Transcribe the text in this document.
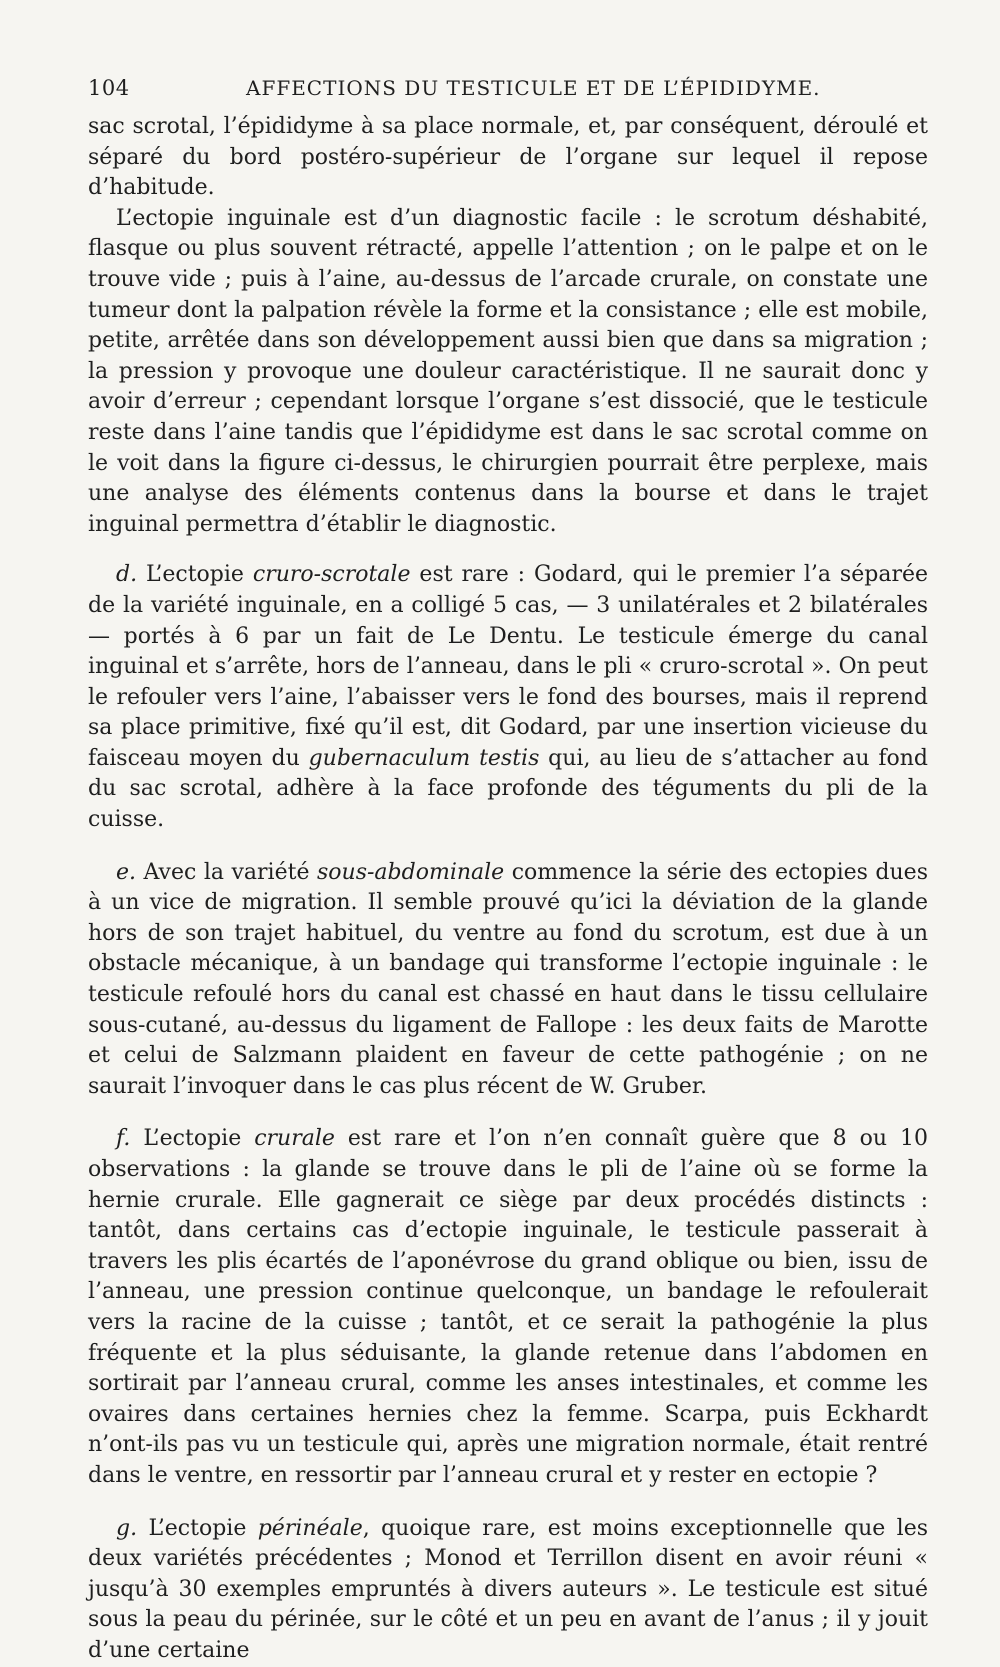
104	AFFECTIONS DU TESTICULE ET DE L’ÉPIDIDYME.

sac scrotal, l’épididyme à sa place normale, et, par conséquent, déroulé et séparé du bord postéro-supérieur de l’organe sur lequel il repose d’habitude.

L’ectopie inguinale est d’un diagnostic facile : le scrotum déshabité, flasque ou plus souvent rétracté, appelle l’attention ; on le palpe et on le trouve vide ; puis à l’aine, au-dessus de l’arcade crurale, on constate une tumeur dont la palpation révèle la forme et la consistance ; elle est mobile, petite, arrêtée dans son développement aussi bien que dans sa migration ; la pression y provoque une douleur caractéristique. Il ne saurait donc y avoir d’erreur ; cependant lorsque l’organe s’est dissocié, que le testicule reste dans l’aine tandis que l’épididyme est dans le sac scrotal comme on le voit dans la figure ci-dessus, le chirurgien pourrait être perplexe, mais une analyse des éléments contenus dans la bourse et dans le trajet inguinal permettra d’établir le diagnostic.

d. L’ectopie cruro-scrotale est rare : Godard, qui le premier l’a séparée de la variété inguinale, en a colligé 5 cas, — 3 unilatérales et 2 bilatérales — portés à 6 par un fait de Le Dentu. Le testicule émerge du canal inguinal et s’arrête, hors de l’anneau, dans le pli « cruro-scrotal ». On peut le refouler vers l’aine, l’abaisser vers le fond des bourses, mais il reprend sa place primitive, fixé qu’il est, dit Godard, par une insertion vicieuse du faisceau moyen du gubernaculum testis qui, au lieu de s’attacher au fond du sac scrotal, adhère à la face profonde des téguments du pli de la cuisse.

e. Avec la variété sous-abdominale commence la série des ectopies dues à un vice de migration. Il semble prouvé qu’ici la déviation de la glande hors de son trajet habituel, du ventre au fond du scrotum, est due à un obstacle mécanique, à un bandage qui transforme l’ectopie inguinale : le testicule refoulé hors du canal est chassé en haut dans le tissu cellulaire sous-cutané, au-dessus du ligament de Fallope : les deux faits de Marotte et celui de Salzmann plaident en faveur de cette pathogénie ; on ne saurait l’invoquer dans le cas plus récent de W. Gruber.

f. L’ectopie crurale est rare et l’on n’en connaît guère que 8 ou 10 observations : la glande se trouve dans le pli de l’aine où se forme la hernie crurale. Elle gagnerait ce siège par deux procédés distincts : tantôt, dans certains cas d’ectopie inguinale, le testicule passerait à travers les plis écartés de l’aponévrose du grand oblique ou bien, issu de l’anneau, une pression continue quelconque, un bandage le refoulerait vers la racine de la cuisse ; tantôt, et ce serait la pathogénie la plus fréquente et la plus séduisante, la glande retenue dans l’abdomen en sortirait par l’anneau crural, comme les anses intestinales, et comme les ovaires dans certaines hernies chez la femme. Scarpa, puis Eckhardt n’ont-ils pas vu un testicule qui, après une migration normale, était rentré dans le ventre, en ressortir par l’anneau crural et y rester en ectopie ?

g. L’ectopie périnéale, quoique rare, est moins exceptionnelle que les deux variétés précédentes ; Monod et Terrillon disent en avoir réuni « jusqu’à 30 exemples empruntés à divers auteurs ». Le testicule est situé sous la peau du périnée, sur le côté et un peu en avant de l’anus ; il y jouit d’une certaine
